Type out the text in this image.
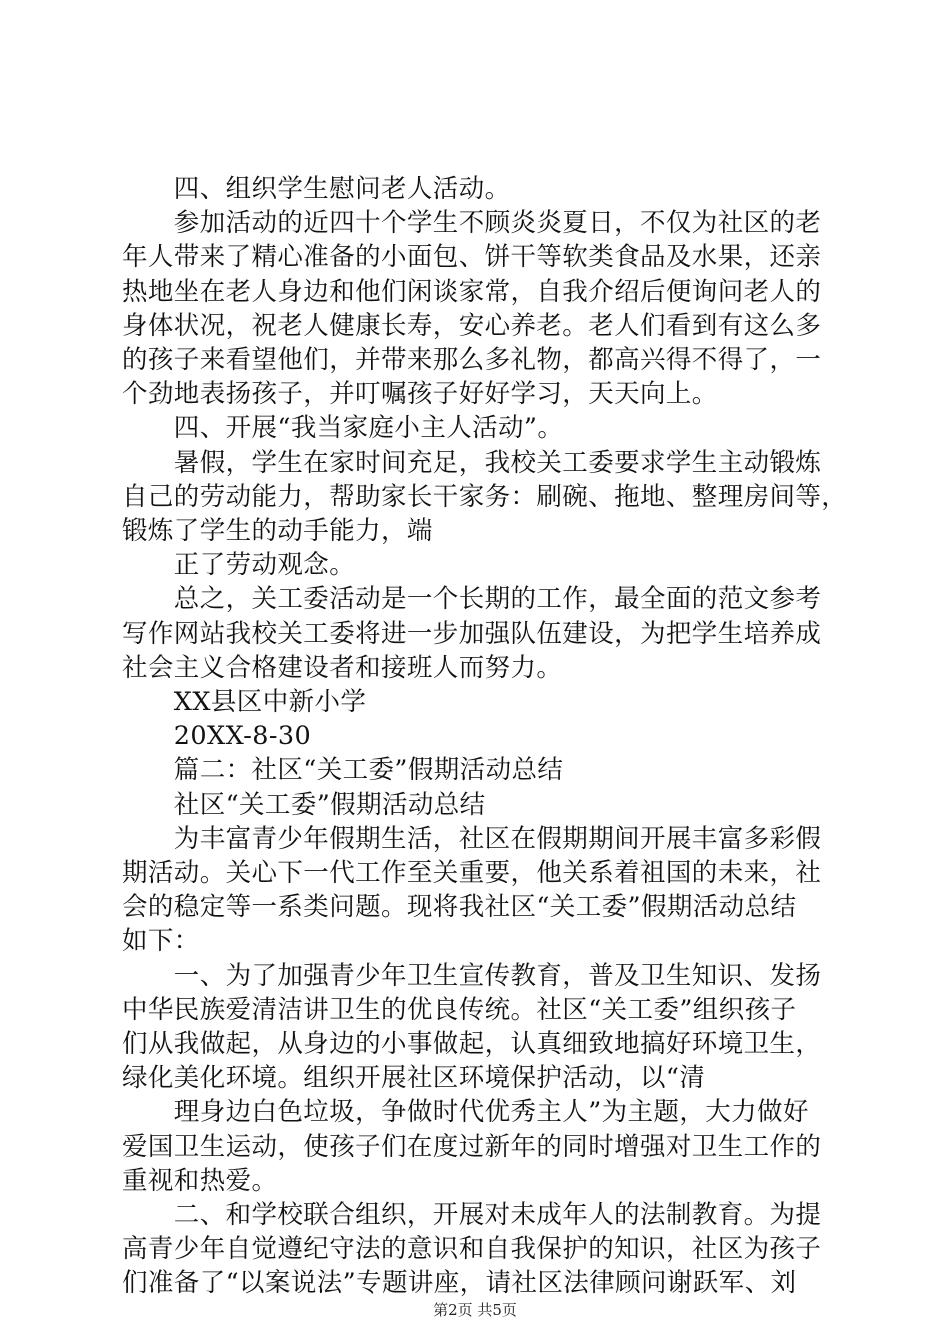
　　四、组织学生慰问老人活动。
　　参加活动的近四十个学生不顾炎炎夏日，不仅为社区的老
年人带来了精心准备的小面包、饼干等软类食品及水果，还亲
热地坐在老人身边和他们闲谈家常，自我介绍后便询问老人的
身体状况，祝老人健康长寿，安心养老。老人们看到有这么多
的孩子来看望他们，并带来那么多礼物，都高兴得不得了，一
个劲地表扬孩子，并叮嘱孩子好好学习，天天向上。
　　四、开展“我当家庭小主人活动”。
　　暑假，学生在家时间充足，我校关工委要求学生主动锻炼
自己的劳动能力，帮助家长干家务：刷碗、拖地、整理房间等，
锻炼了学生的动手能力，端
　　正了劳动观念。
　　总之，关工委活动是一个长期的工作，最全面的范文参考
写作网站我校关工委将进一步加强队伍建设，为把学生培养成
社会主义合格建设者和接班人而努力。
　　XX县区中新小学
　　20XX-8-30
　　篇二：社区“关工委”假期活动总结
　　社区“关工委”假期活动总结
　　为丰富青少年假期生活，社区在假期期间开展丰富多彩假
期活动。关心下一代工作至关重要，他关系着祖国的未来，社
会的稳定等一系类问题。现将我社区“关工委”假期活动总结
如下：
　　一、为了加强青少年卫生宣传教育，普及卫生知识、发扬
中华民族爱清洁讲卫生的优良传统。社区“关工委”组织孩子
们从我做起，从身边的小事做起，认真细致地搞好环境卫生，
绿化美化环境。组织开展社区环境保护活动，以“清
　　理身边白色垃圾，争做时代优秀主人”为主题，大力做好
爱国卫生运动，使孩子们在度过新年的同时增强对卫生工作的
重视和热爱。
　　二、和学校联合组织，开展对未成年人的法制教育。为提
高青少年自觉遵纪守法的意识和自我保护的知识，社区为孩子
们准备了“以案说法”专题讲座，请社区法律顾问谢跃军、刘
第2页 共5页
